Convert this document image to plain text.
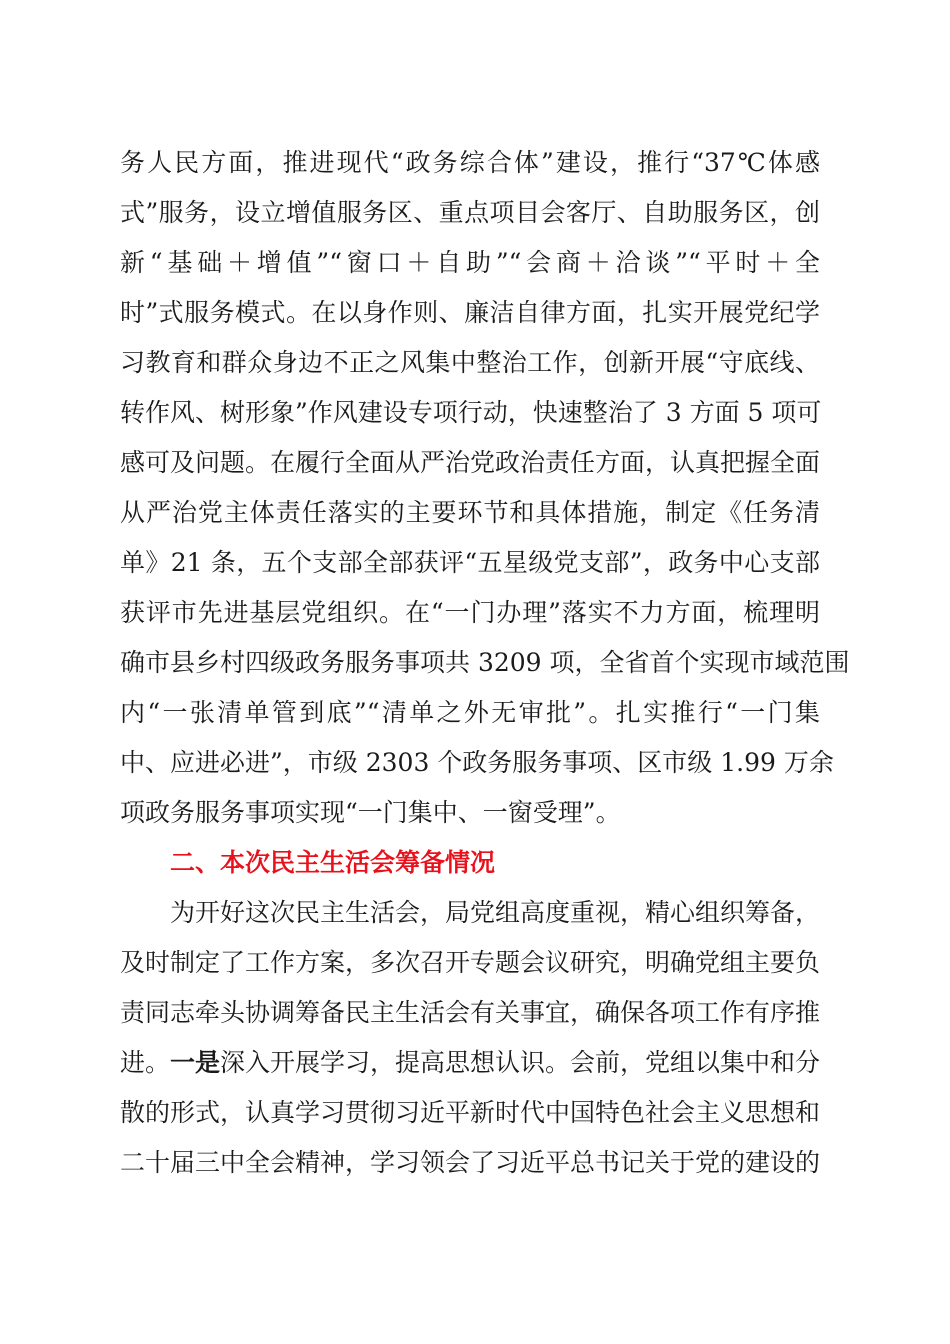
务人民方面，推进现代“政务综合体”建设，推行“37℃体感
式”服务，设立增值服务区、重点项目会客厅、自助服务区，创
新“基础＋增值”“窗口＋自助”“会商＋洽谈”“平时＋全
时”式服务模式。在以身作则、廉洁自律方面，扎实开展党纪学
习教育和群众身边不正之风集中整治工作，创新开展“守底线、
转作风、树形象”作风建设专项行动，快速整治了 3 方面 5 项可
感可及问题。在履行全面从严治党政治责任方面，认真把握全面
从严治党主体责任落实的主要环节和具体措施，制定《任务清
单》21 条，五个支部全部获评“五星级党支部”，政务中心支部
获评市先进基层党组织。在“一门办理”落实不力方面，梳理明
确市县乡村四级政务服务事项共 3209 项，全省首个实现市域范围
内“一张清单管到底”“清单之外无审批”。扎实推行“一门集
中、应进必进”，市级 2303 个政务服务事项、区市级 1.99 万余
项政务服务事项实现“一门集中、一窗受理”。
二、本次民主生活会筹备情况
为开好这次民主生活会，局党组高度重视，精心组织筹备，
及时制定了工作方案，多次召开专题会议研究，明确党组主要负
责同志牵头协调筹备民主生活会有关事宜，确保各项工作有序推
进。一是深入开展学习，提高思想认识。会前，党组以集中和分
散的形式，认真学习贯彻习近平新时代中国特色社会主义思想和
二十届三中全会精神，学习领会了习近平总书记关于党的建设的
